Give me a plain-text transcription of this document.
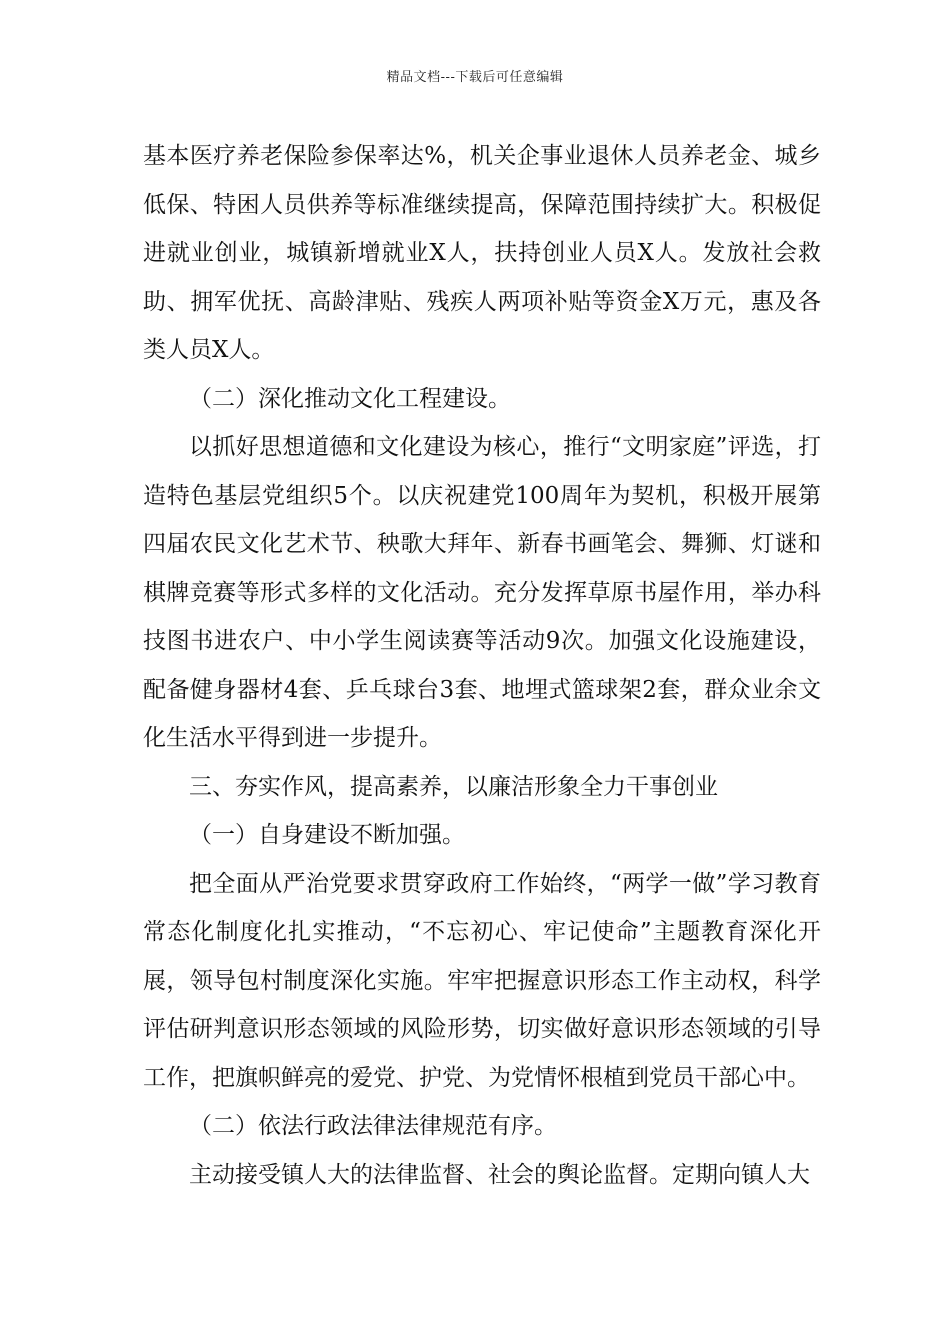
精品文档---下载后可任意编辑

基本医疗养老保险参保率达%，机关企事业退休人员养老金、城乡低保、特困人员供养等标准继续提高，保障范围持续扩大。积极促进就业创业，城镇新增就业X人，扶持创业人员X人。发放社会救助、拥军优抚、高龄津贴、残疾人两项补贴等资金X万元，惠及各类人员X人。

（二）深化推动文化工程建设。

以抓好思想道德和文化建设为核心，推行“文明家庭”评选，打造特色基层党组织5个。以庆祝建党100周年为契机，积极开展第四届农民文化艺术节、秧歌大拜年、新春书画笔会、舞狮、灯谜和棋牌竞赛等形式多样的文化活动。充分发挥草原书屋作用，举办科技图书进农户、中小学生阅读赛等活动9次。加强文化设施建设，配备健身器材4套、乒乓球台3套、地埋式篮球架2套，群众业余文化生活水平得到进一步提升。

三、夯实作风，提高素养，以廉洁形象全力干事创业

（一）自身建设不断加强。

把全面从严治党要求贯穿政府工作始终，“两学一做”学习教育常态化制度化扎实推动，“不忘初心、牢记使命”主题教育深化开展，领导包村制度深化实施。牢牢把握意识形态工作主动权，科学评估研判意识形态领域的风险形势，切实做好意识形态领域的引导工作，把旗帜鲜亮的爱党、护党、为党情怀根植到党员干部心中。

（二）依法行政法律法律规范有序。

主动接受镇人大的法律监督、社会的舆论监督。定期向镇人大
